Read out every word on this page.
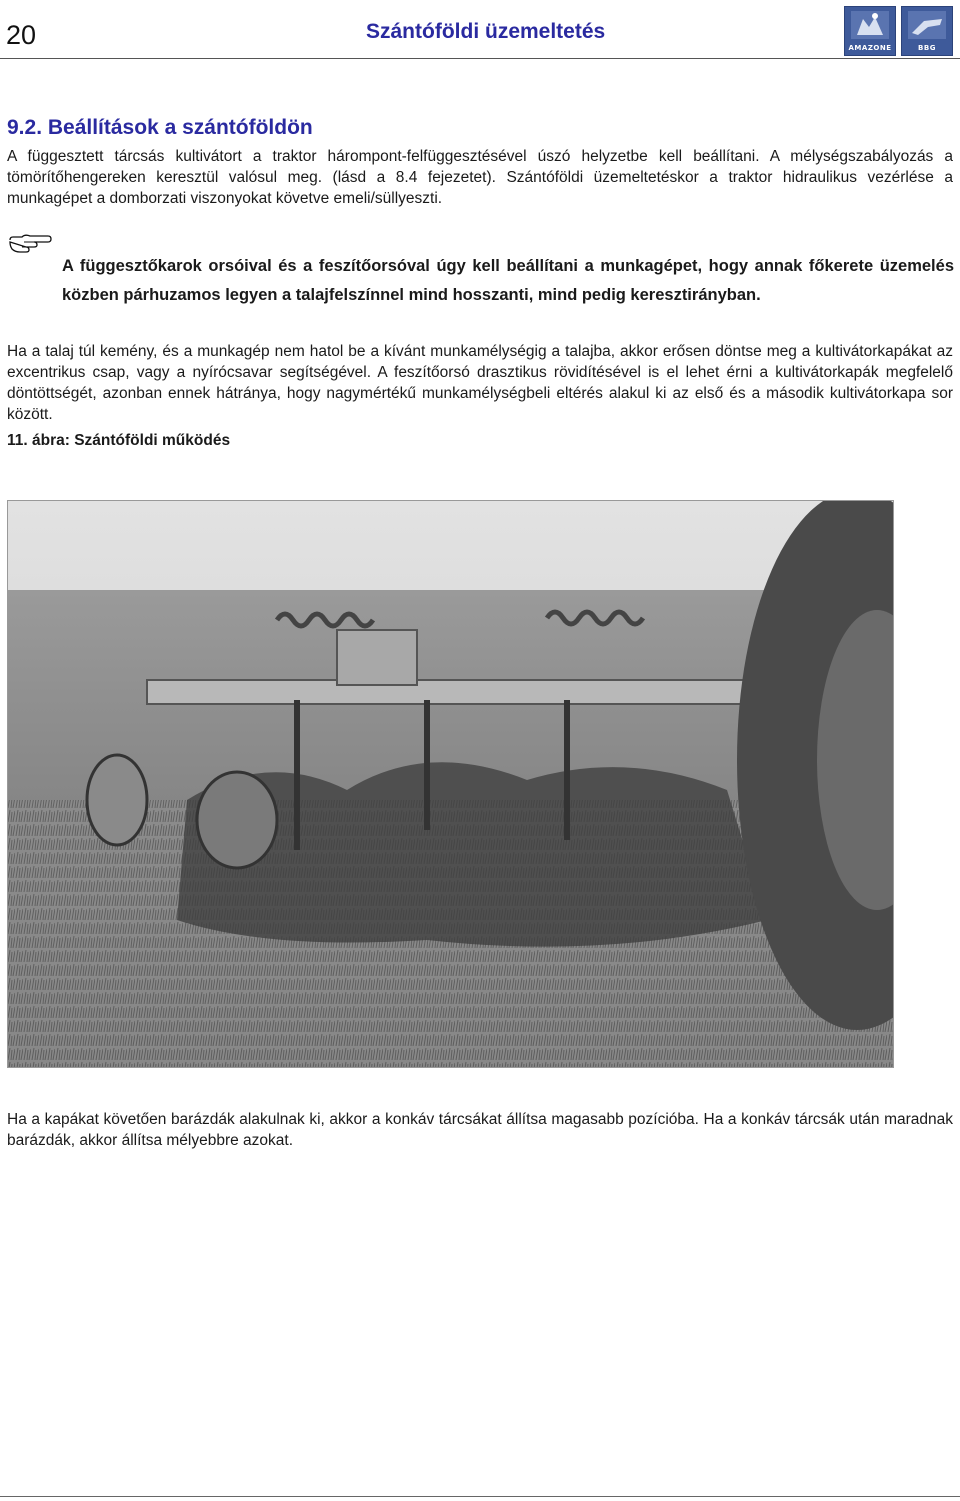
20	Szántóföldi üzemeltetés
AMAZONE	BBG
9.2. Beállítások a szántóföldön

A függesztett tárcsás kultivátort a traktor hárompont-felfüggesztésével úszó helyzetbe kell beállítani. A mélységszabályozás a tömörítőhengereken keresztül valósul meg. (lásd a 8.4 fejezetet). Szántóföldi üzemeltetéskor a traktor hidraulikus vezérlése a munkagépet a domborzati viszonyokat követve emeli/süllyeszti.

A függesztőkarok orsóival és a feszítőorsóval úgy kell beállítani a munkagépet, hogy annak főkerete üzemelés közben párhuzamos legyen a talajfelszínnel mind hosszanti, mind pedig keresztirányban.

Ha a talaj túl kemény, és a munkagép nem hatol be a kívánt munkamélységig a talajba, akkor erősen döntse meg a kultivátorkapákat az excentrikus csap, vagy a nyírócsavar segítségével. A feszítőorsó drasztikus rövidítésével is el lehet érni a kultivátorkapák megfelelő döntöttségét, azonban ennek hátránya, hogy nagymértékű munkamélységbeli eltérés alakul ki az első és a második kultivátorkapa sor között.

11. ábra: Szántóföldi működés

Ha a kapákat követően barázdák alakulnak ki, akkor a konkáv tárcsákat állítsa magasabb pozícióba. Ha a konkáv tárcsák után maradnak barázdák, akkor állítsa mélyebbre azokat.
